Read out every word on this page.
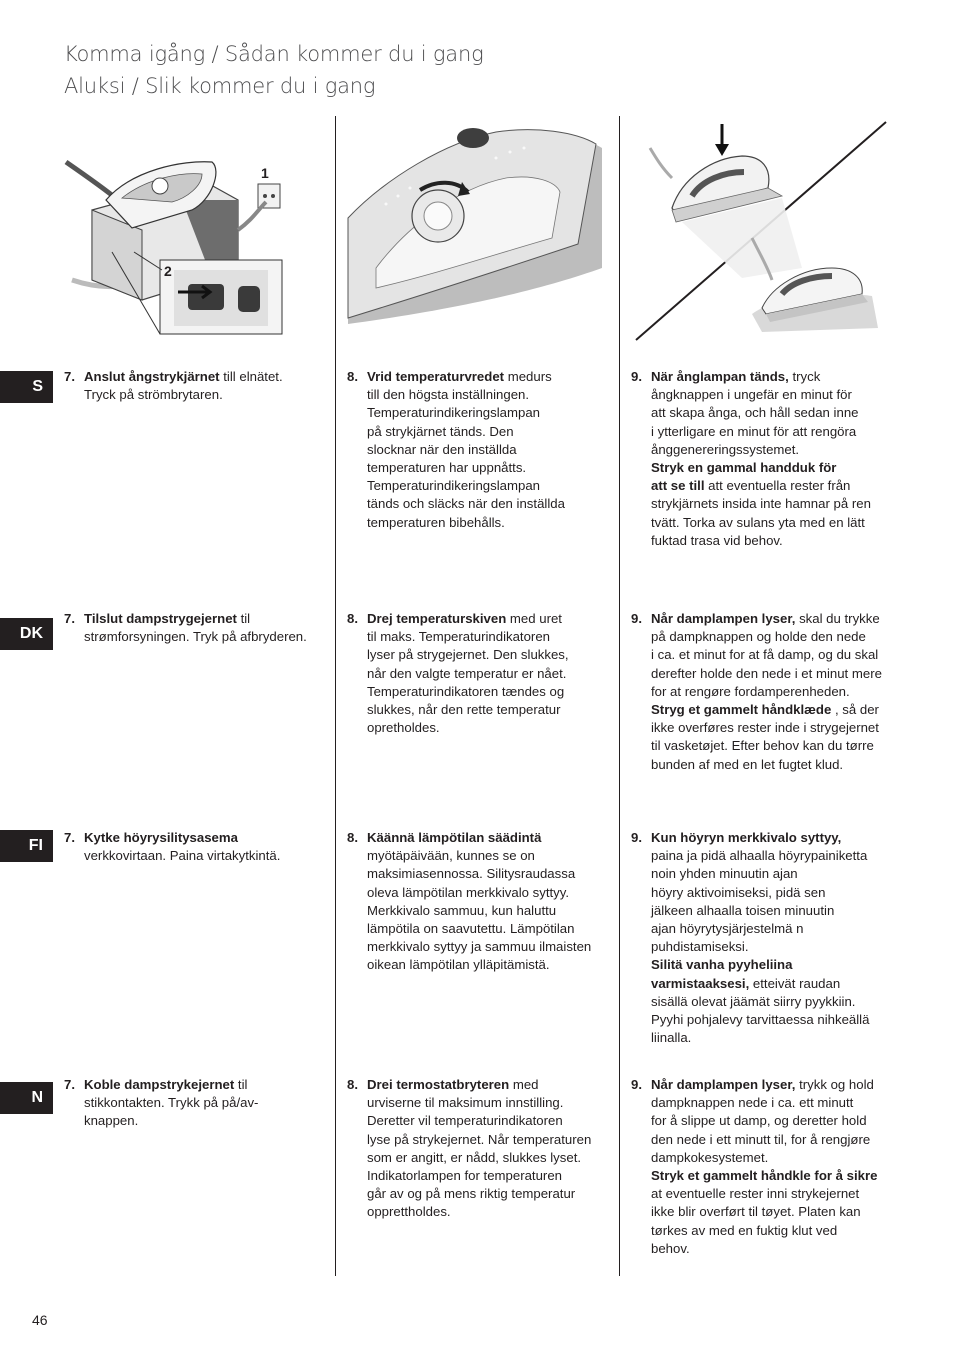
Komma igång / Sådan kommer du i gang
Aluksi / Slik kommer du i gang
1
2
S
7. Anslut ångstrykjärnet till elnätet.
Tryck på strömbrytaren.
8. Vrid temperaturvredet medurs
till den högsta inställningen.
Temperaturindikeringslampan
på strykjärnet tänds. Den
slocknar när den inställda
temperaturen har uppnåtts.
Temperaturindikeringslampan
tänds och släcks när den inställda
temperaturen bibehålls.
9. När ånglampan tänds, tryck
ångknappen i ungefär en minut för
att skapa ånga, och håll sedan inne
i ytterligare en minut för att rengöra
ånggenereringssystemet.
Stryk en gammal handduk för
att se till att eventuella rester från
strykjärnets insida inte hamnar på ren
tvätt. Torka av sulans yta med en lätt
fuktad trasa vid behov.
DK
7. Tilslut dampstrygejernet til
strømforsyningen. Tryk på afbryderen.
8. Drej temperaturskiven med uret
til maks. Temperaturindikatoren
lyser på strygejernet. Den slukkes,
når den valgte temperatur er nået.
Temperaturindikatoren tændes og
slukkes, når den rette temperatur
opretholdes.
9. Når damplampen lyser, skal du trykke
på dampknappen og holde den nede
i ca. et minut for at få damp, og du skal
derefter holde den nede i et minut mere
for at rengøre fordamperenheden.
Stryg et gammelt håndklæde , så der
ikke overføres rester inde i strygejernet
til vasketøjet. Efter behov kan du tørre
bunden af med en let fugtet klud.
FI	7. Kytke höyrysilitysasema
verkkovirtaan. Paina virtakytkintä.
8. Käännä lämpötilan säädintä
myötäpäivään, kunnes se on
maksimiasennossa. Silitysraudassa
oleva lämpötilan merkkivalo syttyy.
Merkkivalo sammuu, kun haluttu
lämpötila on saavutettu. Lämpötilan
merkkivalo syttyy ja sammuu ilmaisten
oikean lämpötilan ylläpitämistä.
9. Kun höyryn merkkivalo syttyy,
paina ja pidä alhaalla höyrypainiketta
noin yhden minuutin ajan
höyry aktivoimiseksi, pidä sen
jälkeen alhaalla toisen minuutin
ajan höyrytysjärjestelmä n
puhdistamiseksi.
Silitä vanha pyyheliina
varmistaaksesi, etteivät raudan
sisällä olevat jäämät siirry pyykkiin.
Pyyhi pohjalevy tarvittaessa nihkeällä
liinalla.
N
7. Koble dampstrykejernet til
stikkontakten. Trykk på på/av-
knappen.
8. Drei termostatbryteren med
urviserne til maksimum innstilling.
Deretter vil temperaturindikatoren
lyse på strykejernet. Når temperaturen
som er angitt, er nådd, slukkes lyset.
Indikatorlampen for temperaturen
går av og på mens riktig temperatur
opprettholdes.
9. Når damplampen lyser, trykk og hold
dampknappen nede i ca. ett minutt
for å slippe ut damp, og deretter hold
den nede i ett minutt til, for å rengjøre
dampkokesystemet.
Stryk et gammelt håndkle for å sikre
at eventuelle rester inni strykejernet
ikke blir overført til tøyet. Platen kan
tørkes av med en fuktig klut ved
behov.
46
